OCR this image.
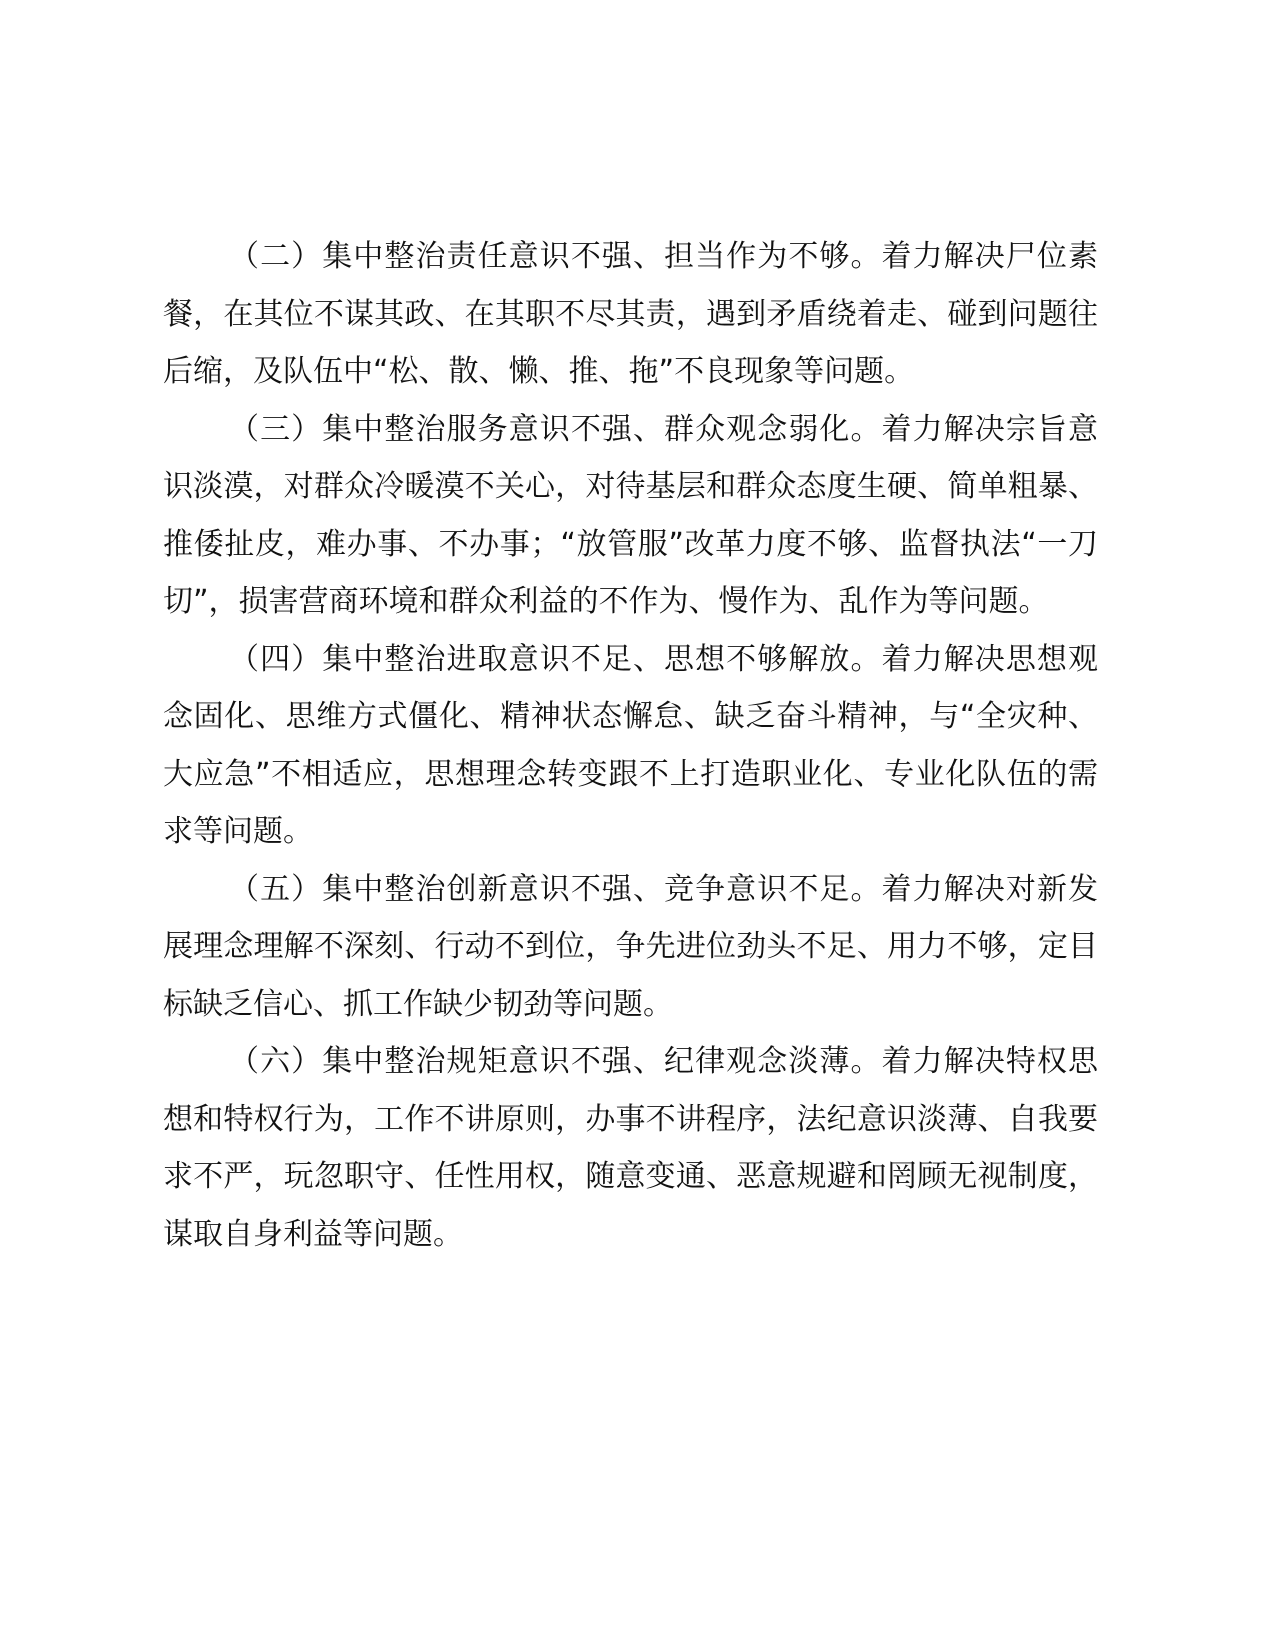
（二）集中整治责任意识不强、担当作为不够。着力解决尸位素餐，在其位不谋其政、在其职不尽其责，遇到矛盾绕着走、碰到问题往后缩，及队伍中“松、散、懒、推、拖”不良现象等问题。

（三）集中整治服务意识不强、群众观念弱化。着力解决宗旨意识淡漠，对群众冷暖漠不关心，对待基层和群众态度生硬、简单粗暴、推倭扯皮，难办事、不办事；“放管服”改革力度不够、监督执法“一刀切”，损害营商环境和群众利益的不作为、慢作为、乱作为等问题。

（四）集中整治进取意识不足、思想不够解放。着力解决思想观念固化、思维方式僵化、精神状态懈怠、缺乏奋斗精神，与“全灾种、大应急”不相适应，思想理念转变跟不上打造职业化、专业化队伍的需求等问题。

（五）集中整治创新意识不强、竞争意识不足。着力解决对新发展理念理解不深刻、行动不到位，争先进位劲头不足、用力不够，定目标缺乏信心、抓工作缺少韧劲等问题。

（六）集中整治规矩意识不强、纪律观念淡薄。着力解决特权思想和特权行为，工作不讲原则，办事不讲程序，法纪意识淡薄、自我要求不严，玩忽职守、任性用权，随意变通、恶意规避和罔顾无视制度，谋取自身利益等问题。
